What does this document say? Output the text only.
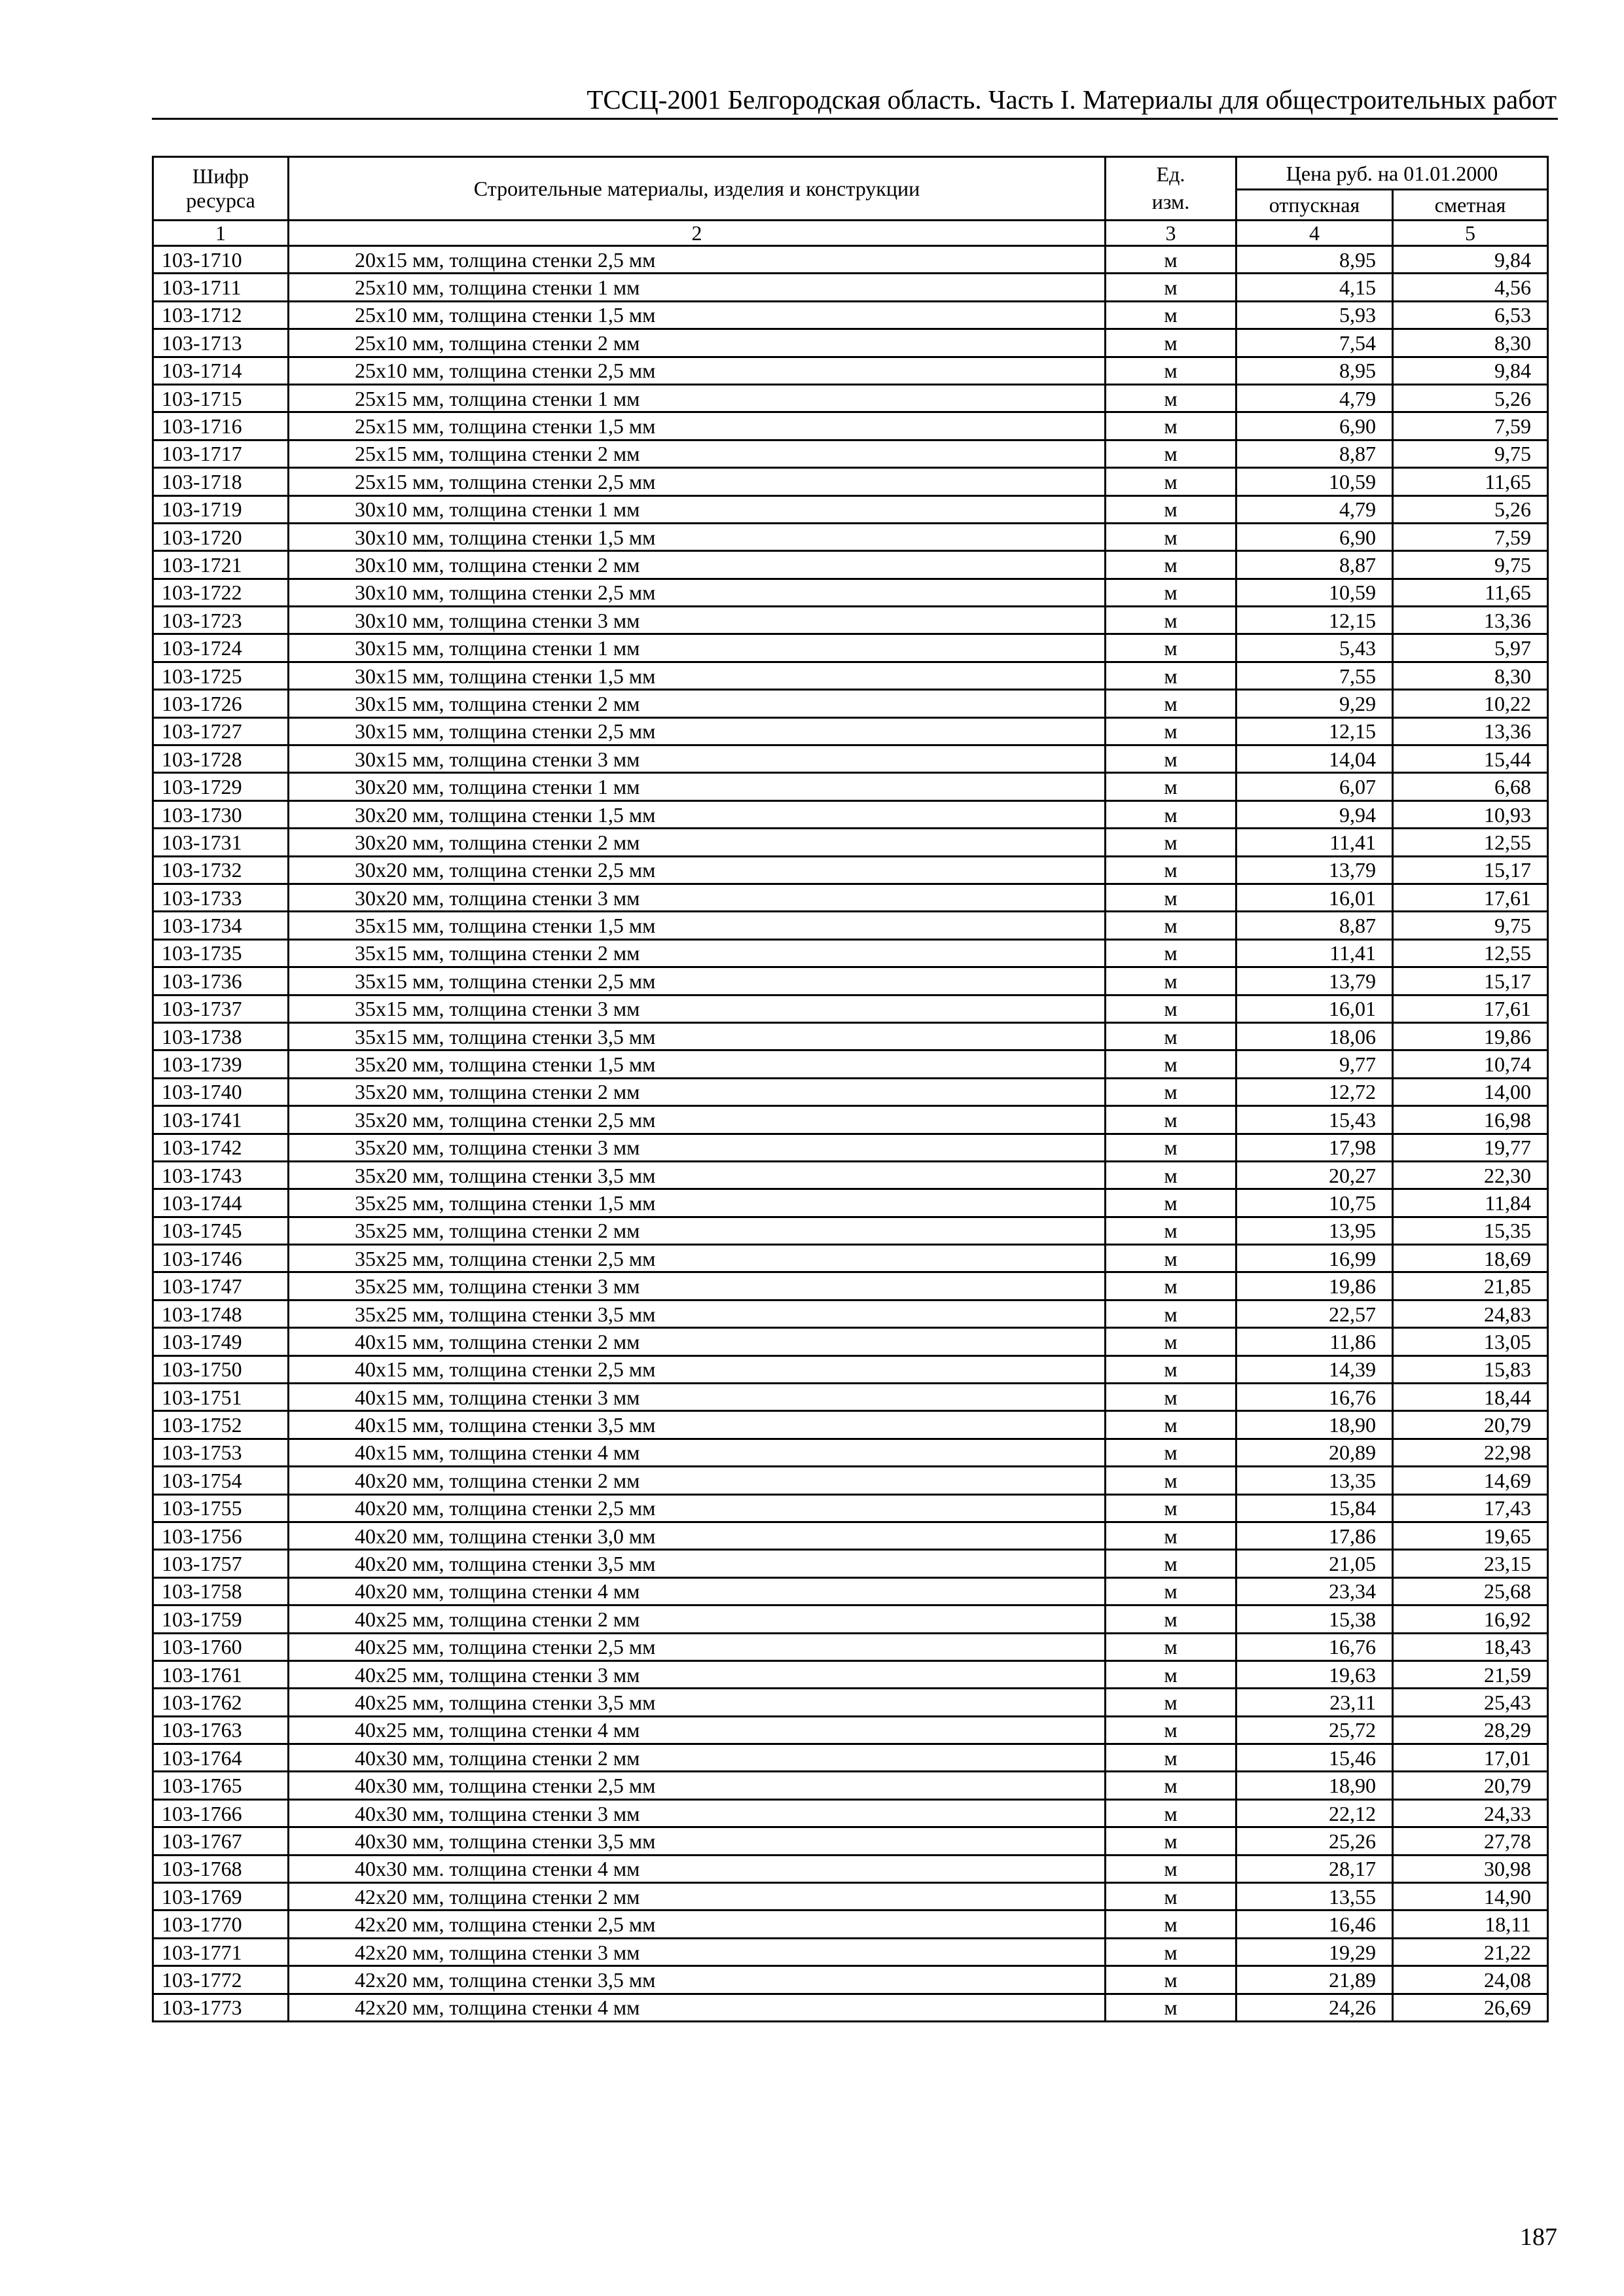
ТССЦ-2001 Белгородская область. Часть I. Материалы для общестроительных работ
Шифр ресурса	Строительные материалы, изделия и конструкции	Ед. изм.	Цена руб. на 01.01.2000	
			отпускная	сметная
1	2	3	4	5
103-1710	20x15 мм, толщина стенки 2,5 мм	м	8,95	9,84
103-1711	25x10 мм, толщина стенки 1 мм	м	4,15	4,56
103-1712	25x10 мм, толщина стенки 1,5 мм	м	5,93	6,53
103-1713	25x10 мм, толщина стенки 2 мм	м	7,54	8,30
103-1714	25x10 мм, толщина стенки 2,5 мм	м	8,95	9,84
103-1715	25x15 мм, толщина стенки 1 мм	м	4,79	5,26
103-1716	25x15 мм, толщина стенки 1,5 мм	м	6,90	7,59
103-1717	25x15 мм, толщина стенки 2 мм	м	8,87	9,75
103-1718	25x15 мм, толщина стенки 2,5 мм	м	10,59	11,65
103-1719	30x10 мм, толщина стенки 1 мм	м	4,79	5,26
103-1720	30x10 мм, толщина стенки 1,5 мм	м	6,90	7,59
103-1721	30x10 мм, толщина стенки 2 мм	м	8,87	9,75
103-1722	30x10 мм, толщина стенки 2,5 мм	м	10,59	11,65
103-1723	30x10 мм, толщина стенки 3 мм	м	12,15	13,36
103-1724	30x15 мм, толщина стенки 1 мм	м	5,43	5,97
103-1725	30x15 мм, толщина стенки 1,5 мм	м	7,55	8,30
103-1726	30x15 мм, толщина стенки 2 мм	м	9,29	10,22
103-1727	30x15 мм, толщина стенки 2,5 мм	м	12,15	13,36
103-1728	30x15 мм, толщина стенки 3 мм	м	14,04	15,44
103-1729	30x20 мм, толщина стенки 1 мм	м	6,07	6,68
103-1730	30x20 мм, толщина стенки 1,5 мм	м	9,94	10,93
103-1731	30x20 мм, толщина стенки 2 мм	м	11,41	12,55
103-1732	30x20 мм, толщина стенки 2,5 мм	м	13,79	15,17
103-1733	30x20 мм, толщина стенки 3 мм	м	16,01	17,61
103-1734	35x15 мм, толщина стенки 1,5 мм	м	8,87	9,75
103-1735	35x15 мм, толщина стенки 2 мм	м	11,41	12,55
103-1736	35x15 мм, толщина стенки 2,5 мм	м	13,79	15,17
103-1737	35x15 мм, толщина стенки 3 мм	м	16,01	17,61
103-1738	35x15 мм, толщина стенки 3,5 мм	м	18,06	19,86
103-1739	35x20 мм, толщина стенки 1,5 мм	м	9,77	10,74
103-1740	35x20 мм, толщина стенки 2 мм	м	12,72	14,00
103-1741	35x20 мм, толщина стенки 2,5 мм	м	15,43	16,98
103-1742	35x20 мм, толщина стенки 3 мм	м	17,98	19,77
103-1743	35x20 мм, толщина стенки 3,5 мм	м	20,27	22,30
103-1744	35x25 мм, толщина стенки 1,5 мм	м	10,75	11,84
103-1745	35x25 мм, толщина стенки 2 мм	м	13,95	15,35
103-1746	35x25 мм, толщина стенки 2,5 мм	м	16,99	18,69
103-1747	35x25 мм, толщина стенки 3 мм	м	19,86	21,85
103-1748	35x25 мм, толщина стенки 3,5 мм	м	22,57	24,83
103-1749	40x15 мм, толщина стенки 2 мм	м	11,86	13,05
103-1750	40x15 мм, толщина стенки 2,5 мм	м	14,39	15,83
103-1751	40x15 мм, толщина стенки 3 мм	м	16,76	18,44
103-1752	40x15 мм, толщина стенки 3,5 мм	м	18,90	20,79
103-1753	40x15 мм, толщина стенки 4 мм	м	20,89	22,98
103-1754	40x20 мм, толщина стенки 2 мм	м	13,35	14,69
103-1755	40x20 мм, толщина стенки 2,5 мм	м	15,84	17,43
103-1756	40x20 мм, толщина стенки 3,0 мм	м	17,86	19,65
103-1757	40x20 мм, толщина стенки 3,5 мм	м	21,05	23,15
103-1758	40x20 мм, толщина стенки 4 мм	м	23,34	25,68
103-1759	40x25 мм, толщина стенки 2 мм	м	15,38	16,92
103-1760	40x25 мм, толщина стенки 2,5 мм	м	16,76	18,43
103-1761	40x25 мм, толщина стенки 3 мм	м	19,63	21,59
103-1762	40x25 мм, толщина стенки 3,5 мм	м	23,11	25,43
103-1763	40x25 мм, толщина стенки 4 мм	м	25,72	28,29
103-1764	40x30 мм, толщина стенки 2 мм	м	15,46	17,01
103-1765	40x30 мм, толщина стенки 2,5 мм	м	18,90	20,79
103-1766	40x30 мм, толщина стенки 3 мм	м	22,12	24,33
103-1767	40x30 мм, толщина стенки 3,5 мм	м	25,26	27,78
103-1768	40x30 мм. толщина стенки 4 мм	м	28,17	30,98
103-1769	42x20 мм, толщина стенки 2 мм	м	13,55	14,90
103-1770	42x20 мм, толщина стенки 2,5 мм	м	16,46	18,11
103-1771	42x20 мм, толщина стенки 3 мм	м	19,29	21,22
103-1772	42x20 мм, толщина стенки 3,5 мм	м	21,89	24,08
103-1773	42x20 мм, толщина стенки 4 мм	м	24,26	26,69
187
